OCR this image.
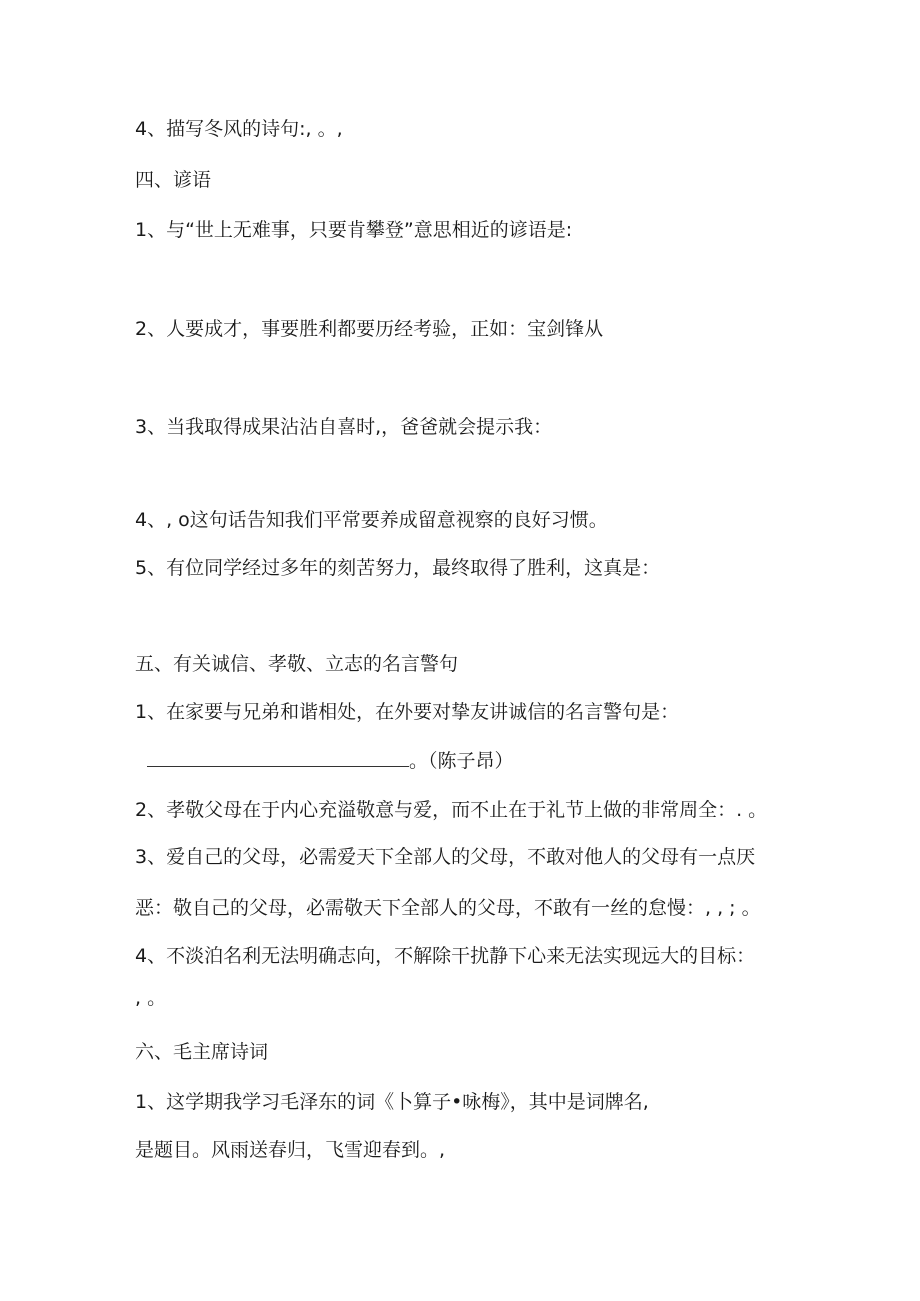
4、描写冬风的诗句:, 。,
四、谚语
1、与“世上无难事，只要肯攀登”意思相近的谚语是:
2、人要成才，事要胜利都要历经考验，正如：宝剑锋从
3、当我取得成果沾沾自喜时,，爸爸就会提示我：
4、, o这句话告知我们平常要养成留意视察的良好习惯。
5、有位同学经过多年的刻苦努力，最终取得了胜利，这真是：
五、有关诚信、孝敬、立志的名言警句
1、在家要与兄弟和谐相处，在外要对挚友讲诚信的名言警句是：
。（陈子昂）
2、孝敬父母在于内心充溢敬意与爱，而不止在于礼节上做的非常周全：. 。
3、爱自己的父母，必需爱天下全部人的父母，不敢对他人的父母有一点厌
恶：敬自己的父母，必需敬天下全部人的父母，不敢有一丝的怠慢：, , ; 。
4、不淡泊名利无法明确志向，不解除干扰静下心来无法实现远大的目标：
, 。
六、毛主席诗词
1、这学期我学习毛泽东的词《卜算子•咏梅》，其中是词牌名,
是题目。风雨送春归，飞雪迎春到。,
